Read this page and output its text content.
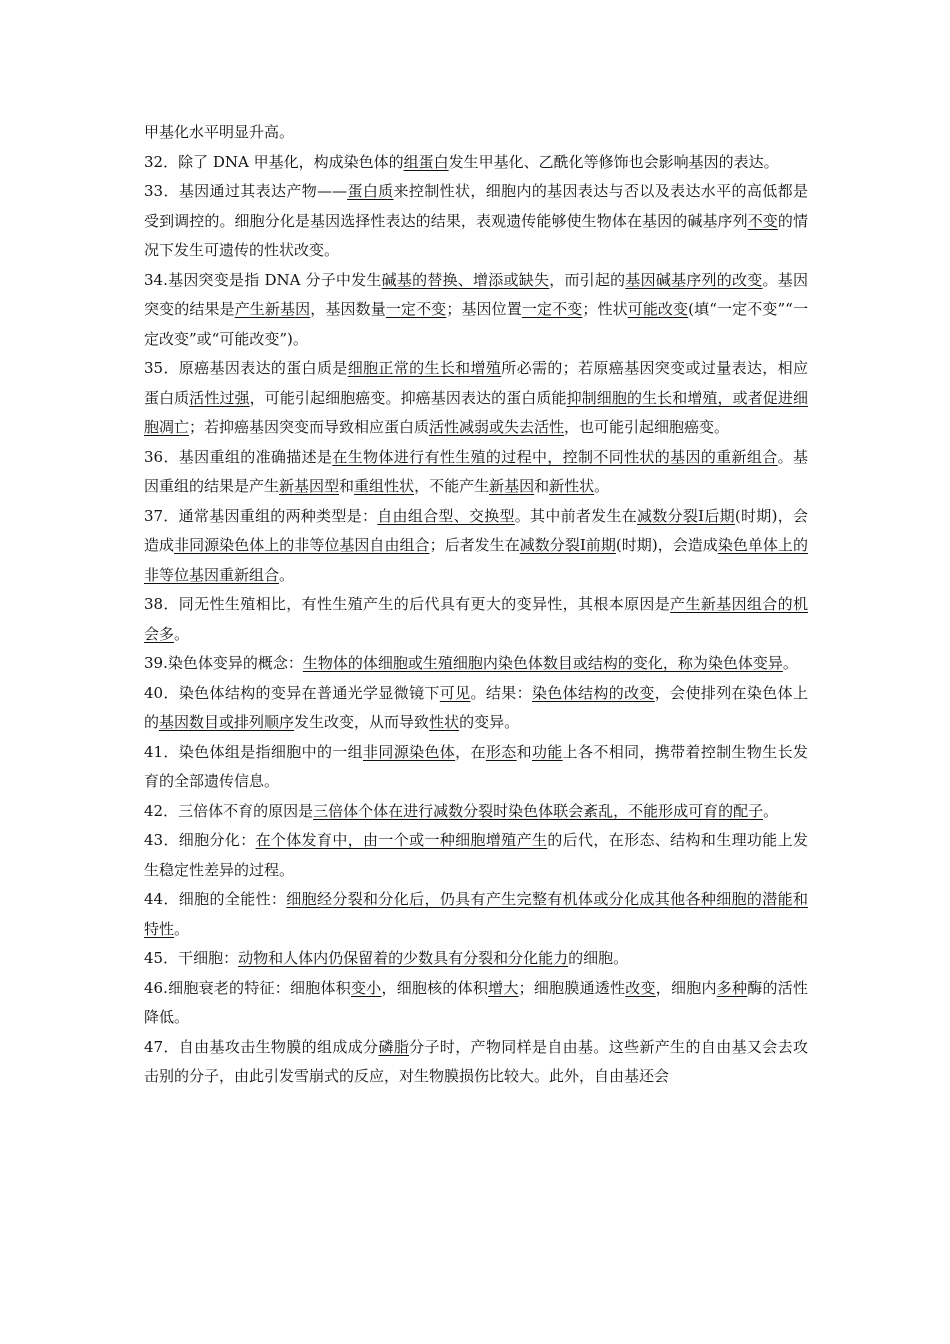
甲基化水平明显升高。

32．除了 DNA 甲基化，构成染色体的组蛋白发生甲基化、乙酰化等修饰也会影响基因的表达。

33．基因通过其表达产物——蛋白质来控制性状，细胞内的基因表达与否以及表达水平的高低都是受到调控的。细胞分化是基因选择性表达的结果，表观遗传能够使生物体在基因的碱基序列不变的情况下发生可遗传的性状改变。

34.基因突变是指 DNA 分子中发生碱基的替换、增添或缺失，而引起的基因碱基序列的改变。基因突变的结果是产生新基因，基因数量一定不变；基因位置一定不变；性状可能改变(填“一定不变”“一定改变”或“可能改变”)。

35．原癌基因表达的蛋白质是细胞正常的生长和增殖所必需的；若原癌基因突变或过量表达，相应蛋白质活性过强，可能引起细胞癌变。抑癌基因表达的蛋白质能抑制细胞的生长和增殖，或者促进细胞凋亡；若抑癌基因突变而导致相应蛋白质活性减弱或失去活性，也可能引起细胞癌变。

36．基因重组的准确描述是在生物体进行有性生殖的过程中，控制不同性状的基因的重新组合。基因重组的结果是产生新基因型和重组性状，不能产生新基因和新性状。

37．通常基因重组的两种类型是：自由组合型、交换型。其中前者发生在减数分裂Ⅰ后期(时期)，会造成非同源染色体上的非等位基因自由组合；后者发生在减数分裂Ⅰ前期(时期)，会造成染色单体上的非等位基因重新组合。

38．同无性生殖相比，有性生殖产生的后代具有更大的变异性，其根本原因是产生新基因组合的机会多。

39.染色体变异的概念：生物体的体细胞或生殖细胞内染色体数目或结构的变化，称为染色体变异。

40．染色体结构的变异在普通光学显微镜下可见。结果：染色体结构的改变，会使排列在染色体上的基因数目或排列顺序发生改变，从而导致性状的变异。

41．染色体组是指细胞中的一组非同源染色体，在形态和功能上各不相同，携带着控制生物生长发育的全部遗传信息。

42．三倍体不育的原因是三倍体个体在进行减数分裂时染色体联会紊乱，不能形成可育的配子。

43．细胞分化：在个体发育中，由一个或一种细胞增殖产生的后代，在形态、结构和生理功能上发生稳定性差异的过程。

44．细胞的全能性：细胞经分裂和分化后，仍具有产生完整有机体或分化成其他各种细胞的潜能和特性。

45．干细胞：动物和人体内仍保留着的少数具有分裂和分化能力的细胞。

46.细胞衰老的特征：细胞体积变小，细胞核的体积增大；细胞膜通透性改变，细胞内多种酶的活性降低。

47．自由基攻击生物膜的组成成分磷脂分子时，产物同样是自由基。这些新产生的自由基又会去攻击别的分子，由此引发雪崩式的反应，对生物膜损伤比较大。此外，自由基还会
